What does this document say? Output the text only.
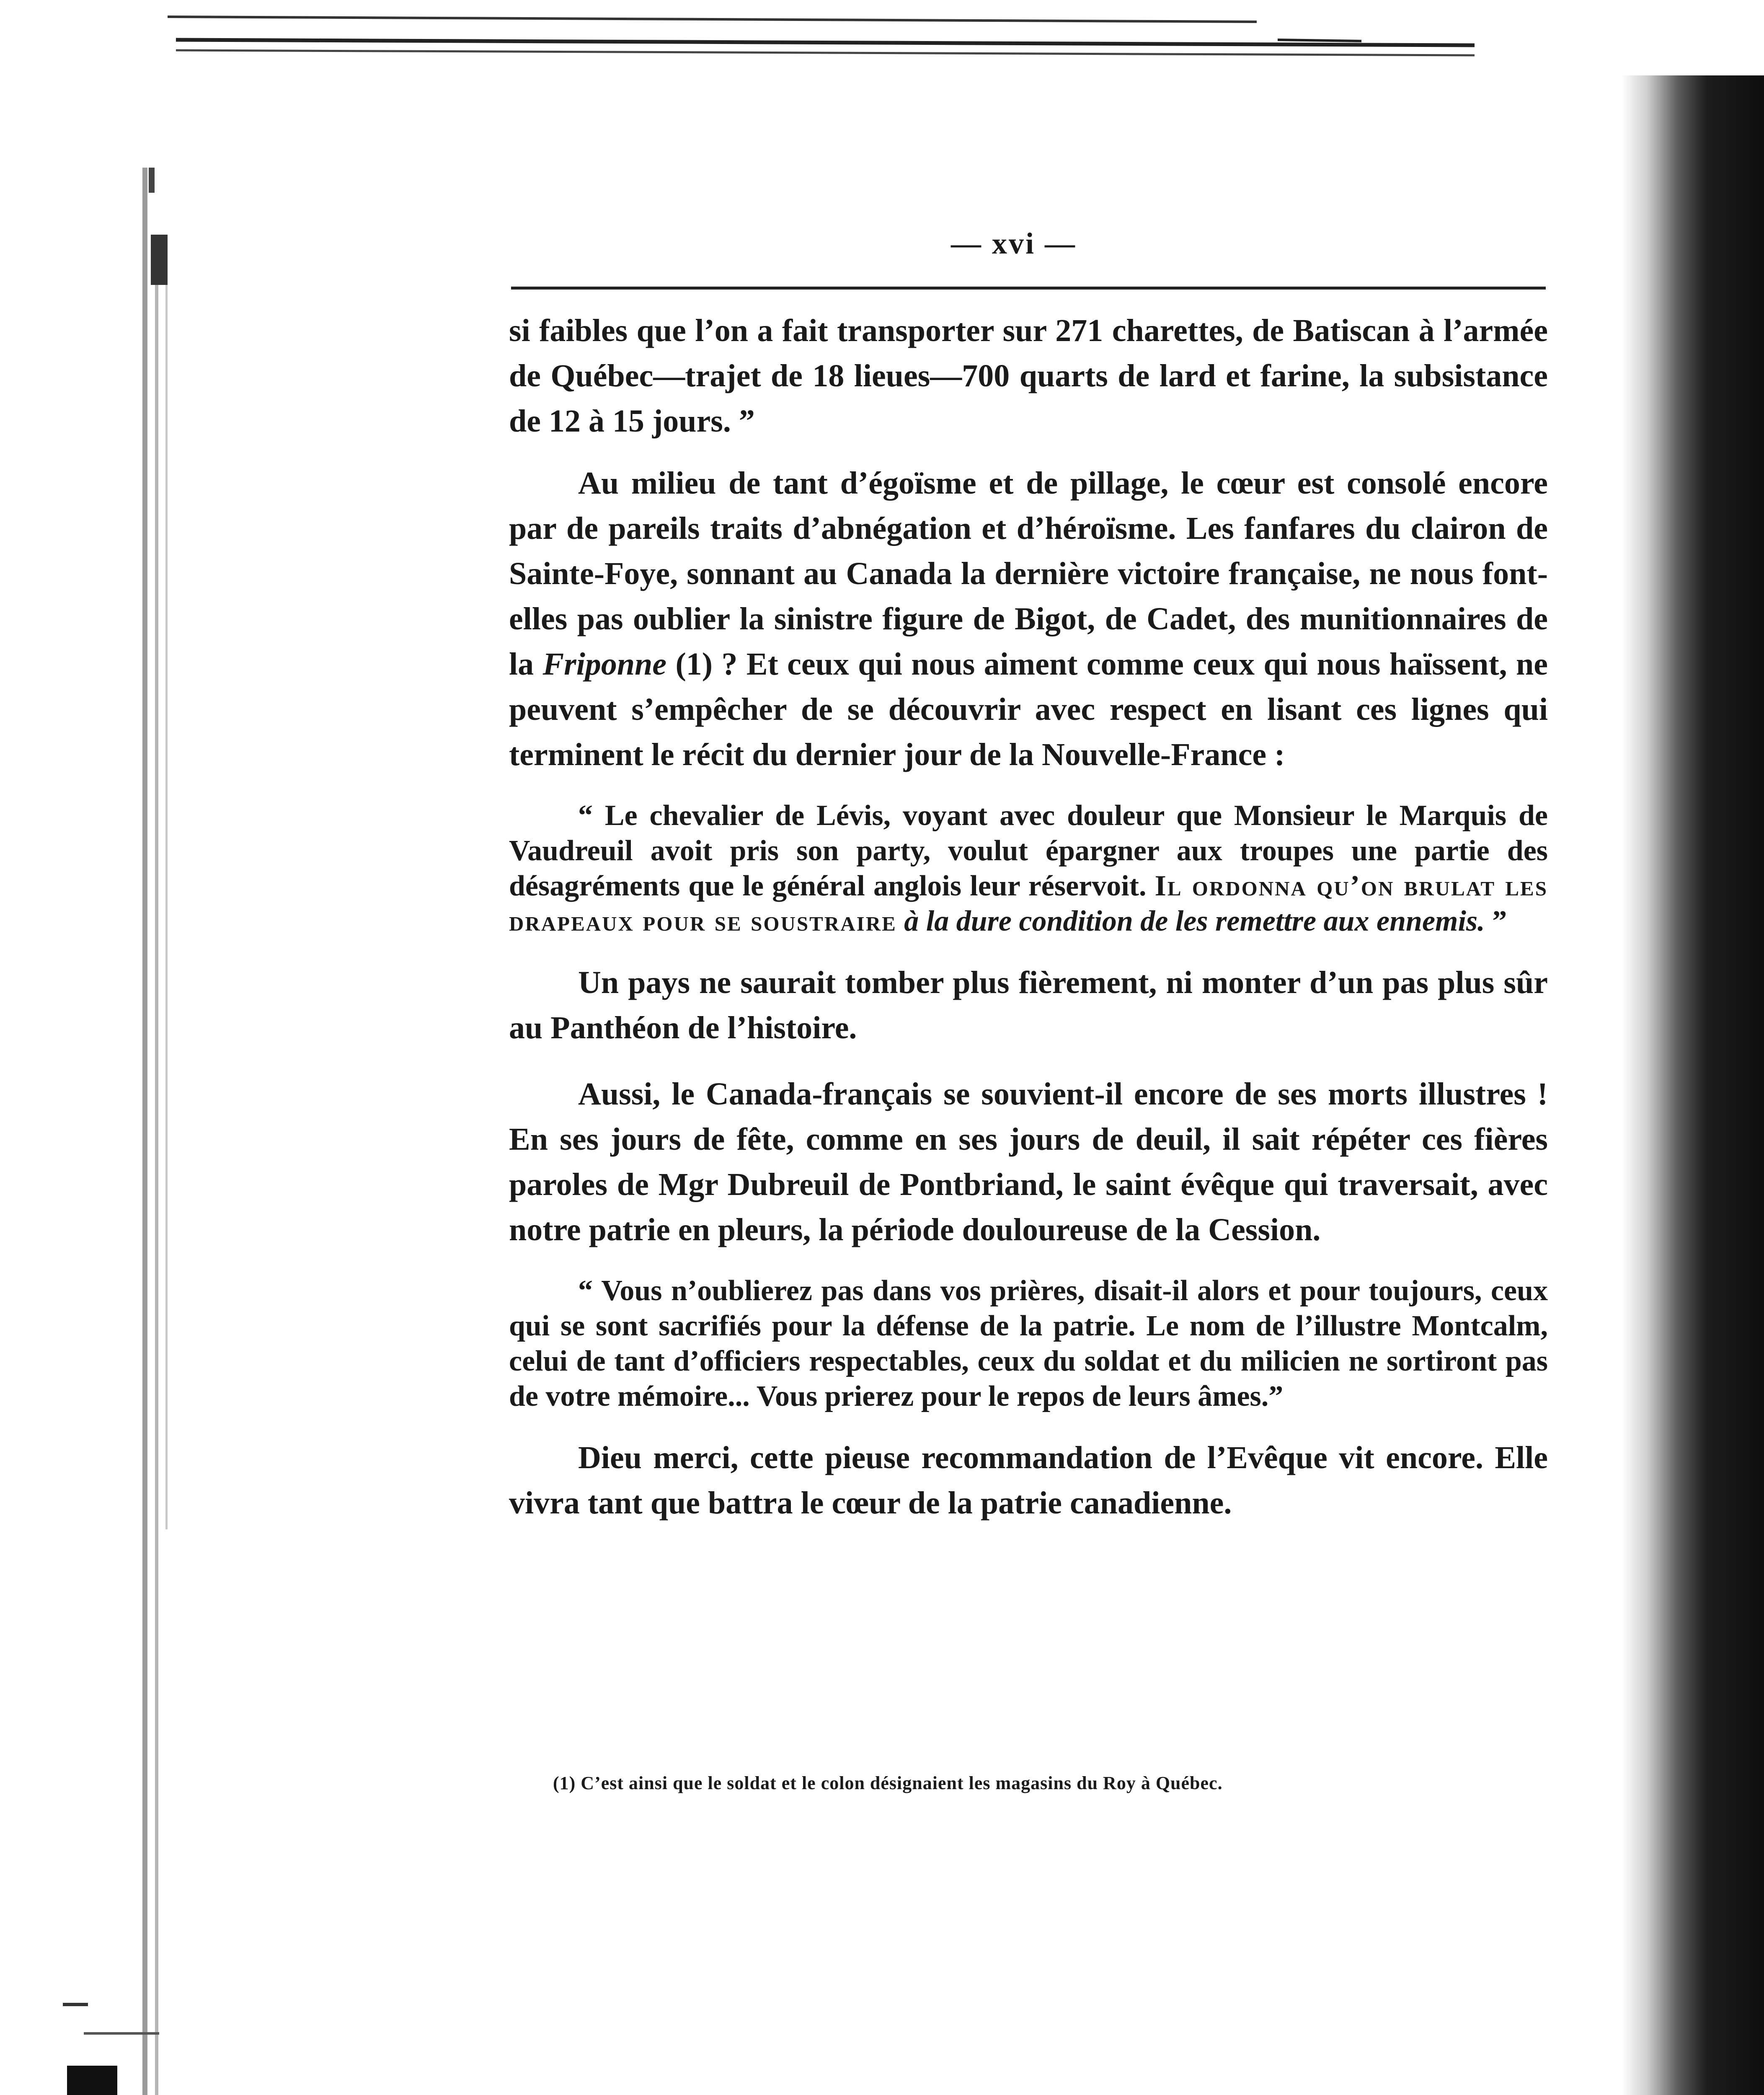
— xvi —

si faibles que l’on a fait transporter sur 271 charettes, de Batiscan à l’armée de Québec—trajet de 18 lieues—700 quarts de lard et farine, la subsistance de 12 à 15 jours. ”

Au milieu de tant d’égoïsme et de pillage, le cœur est consolé encore par de pareils traits d’abnégation et d’héroïsme. Les fanfares du clairon de Sainte-Foye, sonnant au Canada la dernière victoire française, ne nous font-elles pas oublier la sinistre figure de Bigot, de Cadet, des munitionnaires de la Friponne (1) ? Et ceux qui nous aiment comme ceux qui nous haïssent, ne peuvent s’empêcher de se découvrir avec respect en lisant ces lignes qui terminent le récit du dernier jour de la Nouvelle-France :

“ Le chevalier de Lévis, voyant avec douleur que Monsieur le Marquis de Vaudreuil avoit pris son party, voulut épargner aux troupes une partie des désagréments que le général anglois leur réservoit. Il ordonna qu’on brulat les drapeaux pour se soustraire à la dure condition de les remettre aux ennemis. ”

Un pays ne saurait tomber plus fièrement, ni monter d’un pas plus sûr au Panthéon de l’histoire.

Aussi, le Canada-français se souvient-il encore de ses morts illustres ! En ses jours de fête, comme en ses jours de deuil, il sait répéter ces fières paroles de Mgr Dubreuil de Pontbriand, le saint évêque qui traversait, avec notre patrie en pleurs, la période douloureuse de la Cession.

“ Vous n’oublierez pas dans vos prières, disait-il alors et pour toujours, ceux qui se sont sacrifiés pour la défense de la patrie. Le nom de l’illustre Montcalm, celui de tant d’officiers respectables, ceux du soldat et du milicien ne sortiront pas de votre mémoire... Vous prierez pour le repos de leurs âmes.”

Dieu merci, cette pieuse recommandation de l’Evêque vit encore. Elle vivra tant que battra le cœur de la patrie canadienne.

(1) C’est ainsi que le soldat et le colon désignaient les magasins du Roy à Québec.
